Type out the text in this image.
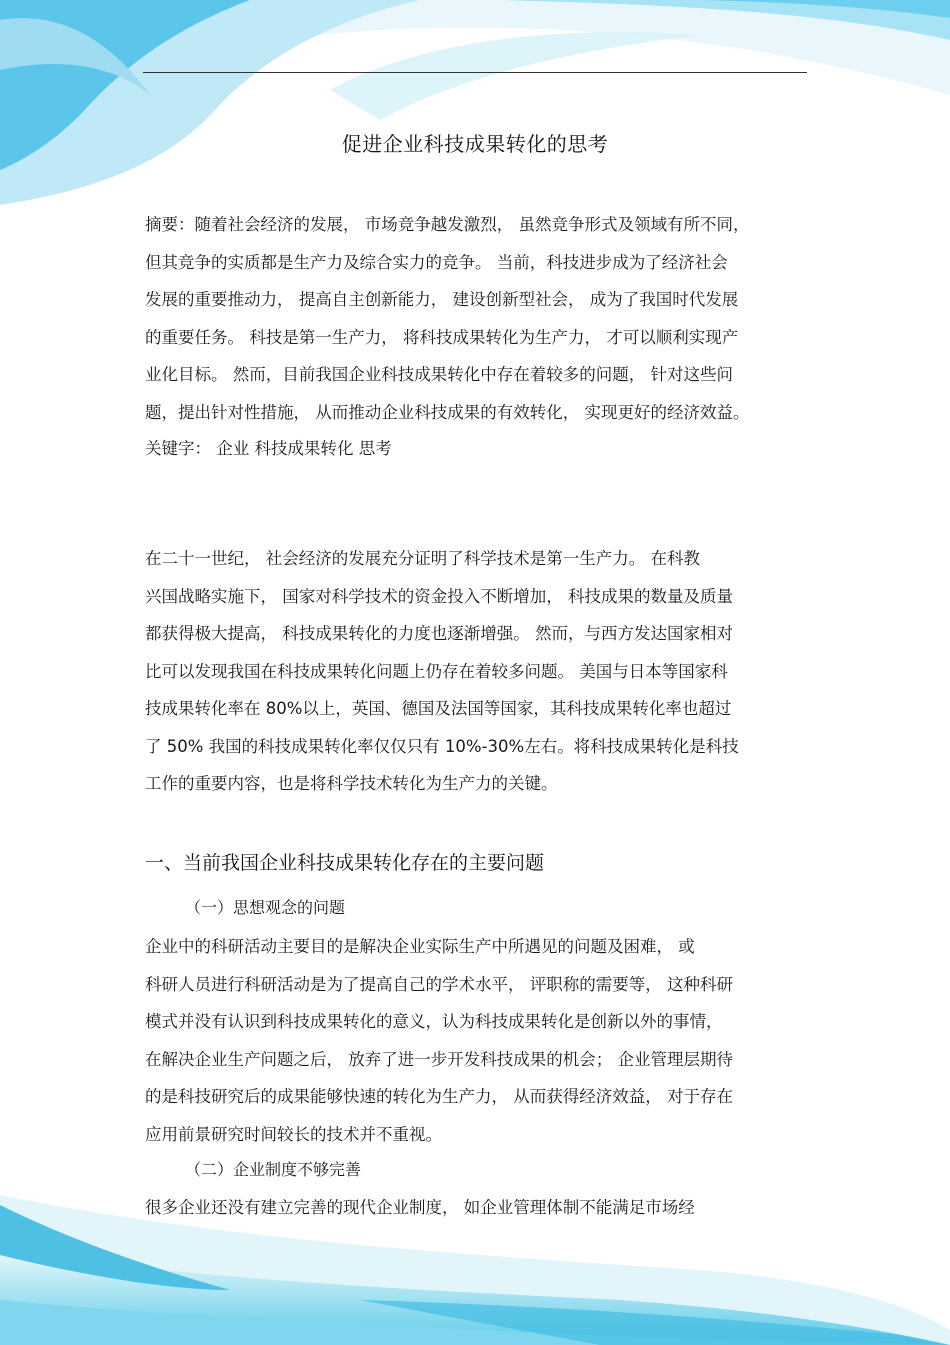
促进企业科技成果转化的思考
摘要：随着社会经济的发展， 市场竞争越发激烈， 虽然竞争形式及领域有所不同，
但其竞争的实质都是生产力及综合实力的竞争。 当前，科技进步成为了经济社会
发展的重要推动力， 提高自主创新能力， 建设创新型社会， 成为了我国时代发展
的重要任务。 科技是第一生产力， 将科技成果转化为生产力， 才可以顺利实现产
业化目标。 然而，目前我国企业科技成果转化中存在着较多的问题， 针对这些问
题，提出针对性措施， 从而推动企业科技成果的有效转化， 实现更好的经济效益。
关键字： 企业 科技成果转化 思考
在二十一世纪， 社会经济的发展充分证明了科学技术是第一生产力。 在科教
兴国战略实施下， 国家对科学技术的资金投入不断增加， 科技成果的数量及质量
都获得极大提高， 科技成果转化的力度也逐渐增强。 然而，与西方发达国家相对
比可以发现我国在科技成果转化问题上仍存在着较多问题。 美国与日本等国家科
技成果转化率在 80%以上，英国、德国及法国等国家，其科技成果转化率也超过
了 50% 我国的科技成果转化率仅仅只有 10%-30%左右。将科技成果转化是科技
工作的重要内容，也是将科学技术转化为生产力的关键。
一、当前我国企业科技成果转化存在的主要问题
（一）思想观念的问题
企业中的科研活动主要目的是解决企业实际生产中所遇见的问题及困难， 或
科研人员进行科研活动是为了提高自己的学术水平， 评职称的需要等， 这种科研
模式并没有认识到科技成果转化的意义，认为科技成果转化是创新以外的事情，
在解决企业生产问题之后， 放弃了进一步开发科技成果的机会； 企业管理层期待
的是科技研究后的成果能够快速的转化为生产力， 从而获得经济效益， 对于存在
应用前景研究时间较长的技术并不重视。
（二）企业制度不够完善
很多企业还没有建立完善的现代企业制度， 如企业管理体制不能满足市场经
